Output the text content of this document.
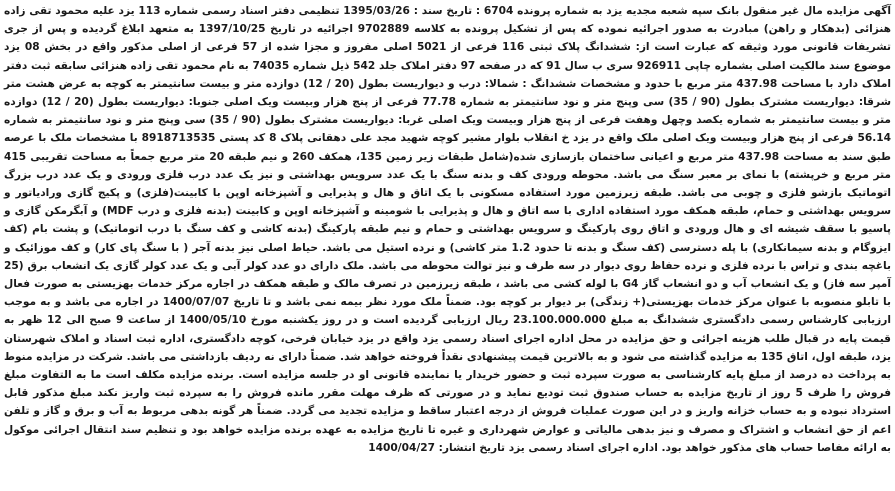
آگهی مزایده مال غیر منقول بانک سپه شعبه مجدیه یزد به شماره پرونده 6704 : تاریخ سند : 1395/03/26 تنظیمی دفتر اسناد رسمی شماره 113 یزد علیه محمود تقی زاده هنزائی (بدهکار و راهن) مبادرت به صدور اجرائیه نموده که پس از تشکیل پرونده به کلاسه 9702889 اجرائیه در تاریخ 1397/10/25 به متعهد ابلاغ گردیده و پس از جری تشریفات قانونی مورد وثیقه که عبارت است از: ششدانگ پلاک ثبتی 116 فرعی از 5021 اصلی مفروز و مجزا شده از 57 فرعی از اصلی مذکور واقع در بخش 08 یزد موضوع سند مالکیت اصلی بشماره چاپی 926911 سری ب سال 91 که در صفحه 97 دفتر املاک جلد 542 ذیل شماره 74035 به نام محمود تقی زاده هنزائی سابقه ثبت دفتر املاک دارد با مساحت 437.98 متر مربع با حدود و مشخصات ششدانگ : شمالا: درب و دیواریست بطول (20 / 12) دوازده متر و بیست سانتیمتر به کوچه به عرض هشت متر شرقا: دیواریست مشترک بطول (90 / 35) سی وپنج متر و نود سانتیمتر به شماره 77.78 فرعی از پنج هزار وبیست ویک اصلی جنوبا: دیواریست بطول (20 / 12) دوازده متر و بیست سانتیمتر به شماره یکصد وچهل وهفت فرعی از پنج هزار وبیست ویک اصلی غربا: دیواریست مشترک بطول (90 / 35) سی وپنج متر و نود سانتیمتر به شماره 56.14 فرعی از پنج هزار وبیست ویک اصلی ملک واقع در یزد خ انقلاب بلوار مشیر کوچه شهید مجد علی دهقانی پلاک 8 کد پستی 8918713535 با مشخصات ملک با عرصه طبق سند به مساحت 437.98 متر مربع و اعیانی ساختمان بازسازی شده(شامل طبقات زیر زمین 135، همکف 260 و نیم طبقه 20 متر مربع جمعاً به مساحت تقریبی 415 متر مربع و خرپشته) با نمای بر معبر سنگ می باشد. محوطه ورودی کف و بدنه سنگ با یک عدد سرویس بهداشتی و نیز یک عدد درب فلزی ورودی و یک عدد درب بزرگ اتوماتیک بازشو فلزی و چوبی می باشد. طبقه زیرزمین مورد استفاده مسکونی با یک اتاق و هال و پذیرایی و آشپزخانه اوپن با کابینت(فلزی) و پکیج گازی ورادیاتور و سرویس بهداشتی و حمام، طبقه همکف مورد استفاده اداری با سه اتاق و هال و پذیرایی با شومینه و آشپزخانه اوپن و کابینت (بدنه فلزی و درب MDF) و آبگرمکن گازی و پاسیو با سقف شیشه ای و هال ورودی و اتاق روی پارکینگ و سرویس بهداشتی و حمام و نیم طبقه پارکینگ (بدنه کاشی و کف سنگ با درب اتوماتیک) و پشت بام (کف ایزوگام و بدنه سیمانکاری) با پله دسترسی (کف سنگ و بدنه تا حدود 1.2 متر کاشی) و نرده استیل می باشد. حیاط اصلی نیز بدنه آجر ( با سنگ پای کار) و کف موزائیک و باغچه بندی و تراس با نرده فلزی و نرده حفاظ روی دیوار در سه طرف و نیز توالت محوطه می باشد. ملک دارای دو عدد کولر آبی و یک عدد کولر گازی یک انشعاب برق (25 آمپر سه فاز) و یک انشعاب آب و دو انشعاب گاز G4 با لوله کشی می باشد ، طبقه زیرزمین در تصرف مالک و طبقه همکف در اجاره مرکز خدمات بهزیستی به صورت فعال با تابلو منصوبه با عنوان مرکز خدمات بهزیستی(+ زندگی) بر دیوار بر کوچه بود. ضمناً ملک مورد نظر بیمه نمی باشد و تا تاریخ 1400/07/07 در اجاره می باشد و به موجب ارزیابی کارشناس رسمی دادگستری ششدانگ به مبلغ 23.100.000.000 ریال ارزیابی گردیده است و در روز یکشنبه مورخ 1400/05/10 از ساعت 9 صبح الی 12 ظهر به قیمت پایه در قبال طلب هزینه اجرائی و حق مزایده در محل اداره اجرای اسناد رسمی یزد واقع در یزد خیابان فرخی، کوچه دادگستری، اداره ثبت اسناد و املاک شهرستان یزد، طبقه اول، اتاق 135 به مزایده گذاشته می شود و به بالاترین قیمت پیشنهادی نقداً فروخته خواهد شد. ضمناً دارای نه ردیف بازداشتی می باشد. شرکت در مزایده منوط به پرداخت ده درصد از مبلغ پایه کارشناسی به صورت سپرده ثبت و حضور خریدار یا نماینده قانونی او در جلسه مزایده است. برنده مزایده مکلف است ما به التفاوت مبلغ فروش را ظرف 5 روز از تاریخ مزایده به حساب صندوق ثبت تودیع نماید و در صورتی که ظرف مهلت مقرر مانده فروش را به سپرده ثبت واریز نکند مبلغ مذکور قابل استرداد نبوده و به حساب خزانه واریز و در این صورت عملیات فروش از درجه اعتبار ساقط و مزایده تجدید می گردد. ضمناً هر گونه بدهی مربوط به آب و برق و گاز و تلفن اعم از حق انشعاب و اشتراک و مصرف و نیز بدهی مالیاتی و عوارض شهرداری و غیره تا تاریخ مزایده به عهده برنده مزایده خواهد بود و تنظیم سند انتقال اجرائی موکول به ارائه مفاصا حساب های مذکور خواهد بود. اداره اجرای اسناد رسمی یزد تاریخ انتشار: 1400/04/27
